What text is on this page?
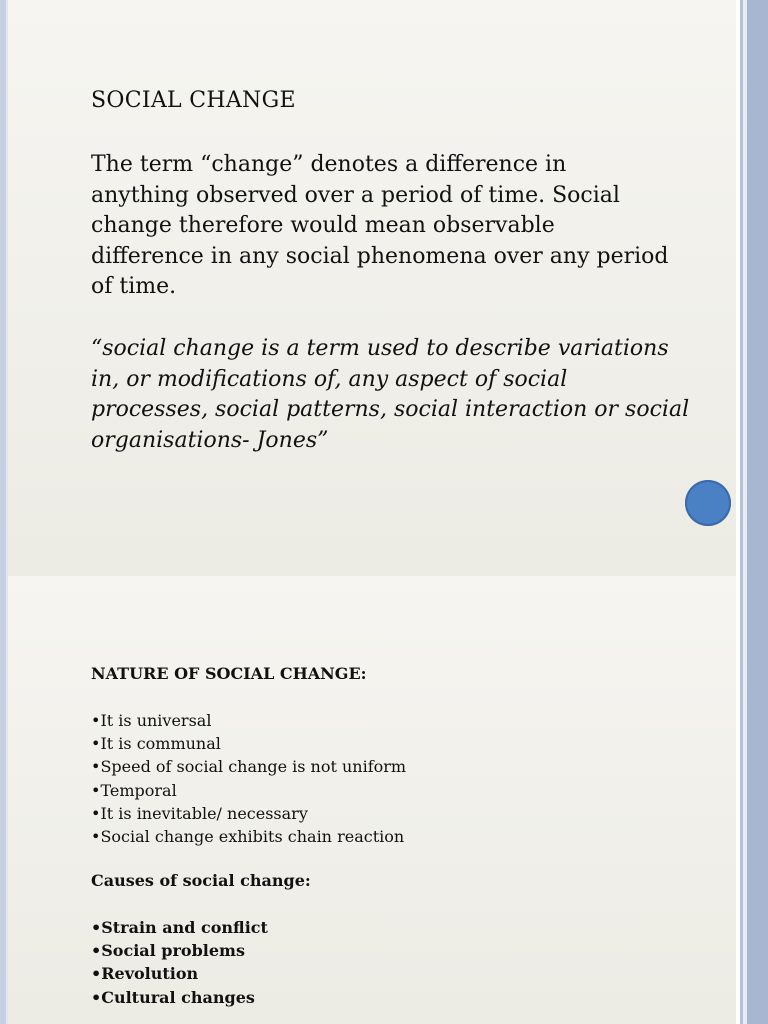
SOCIAL CHANGE

The term “change” denotes a difference in anything observed over a period of time. Social change therefore would mean observable difference in any social phenomena over any period of time.

“social change is a term used to describe variations in, or modifications of, any aspect of social processes, social patterns, social interaction or social organisations- Jones”

NATURE OF SOCIAL CHANGE:
•It is universal
•It is communal
•Speed of social change is not uniform
•Temporal
•It is inevitable/ necessary
•Social change exhibits chain reaction
Causes of social change:
•Strain and conflict
•Social problems
•Revolution
•Cultural changes
